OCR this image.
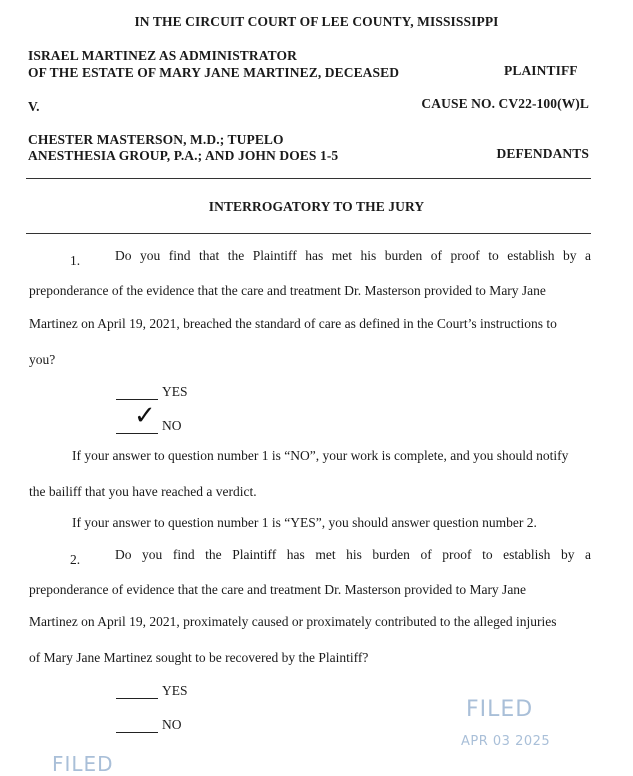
IN THE CIRCUIT COURT OF LEE COUNTY, MISSISSIPPI
ISRAEL MARTINEZ AS ADMINISTRATOR
OF THE ESTATE OF MARY JANE MARTINEZ, DECEASED	PLAINTIFF
V.	CAUSE NO. CV22-100(W)L
CHESTER MASTERSON, M.D.; TUPELO
ANESTHESIA GROUP, P.A.; AND JOHN DOES 1-5	DEFENDANTS
INTERROGATORY TO THE JURY
1.	Do you find that the Plaintiff has met his burden of proof to establish by a
preponderance of the evidence that the care and treatment Dr. Masterson provided to Mary Jane
Martinez on April 19, 2021, breached the standard of care as defined in the Court’s instructions to
you?
YES
✓ NO
If your answer to question number 1 is “NO”, your work is complete, and you should notify
the bailiff that you have reached a verdict.
If your answer to question number 1 is “YES”, you should answer question number 2.
2.	Do you find the Plaintiff has met his burden of proof to establish by a
preponderance of evidence that the care and treatment Dr. Masterson provided to Mary Jane
Martinez on April 19, 2021, proximately caused or proximately contributed to the alleged injuries
of Mary Jane Martinez sought to be recovered by the Plaintiff?
YES
NO
FILED
APR 03 2025
FILED
